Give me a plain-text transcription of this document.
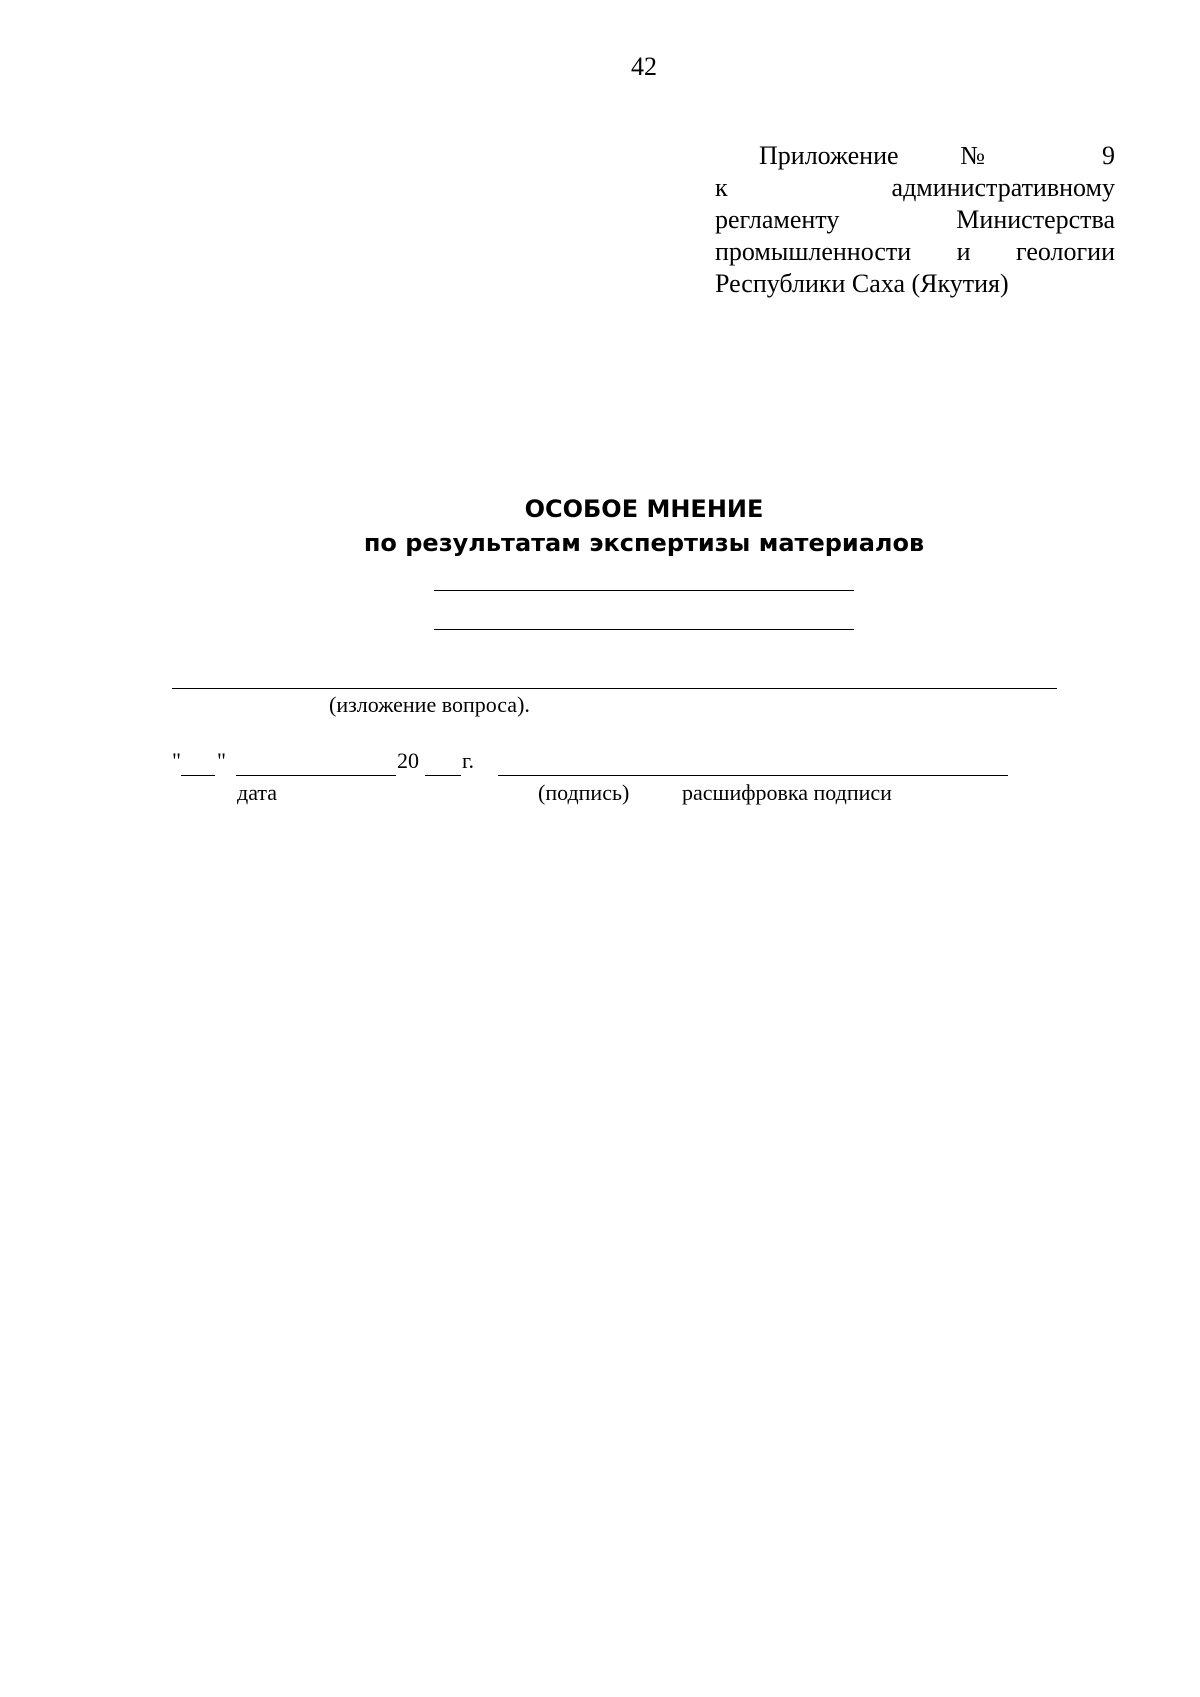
42
Приложение № 9
к административному
регламенту Министерства
промышленности и геологии
Республики Саха (Якутия)
ОСОБОЕ МНЕНИЕ
по результатам экспертизы материалов
(изложение вопроса).
" "	20 г.
дата	(подпись) расшифровка подписи
